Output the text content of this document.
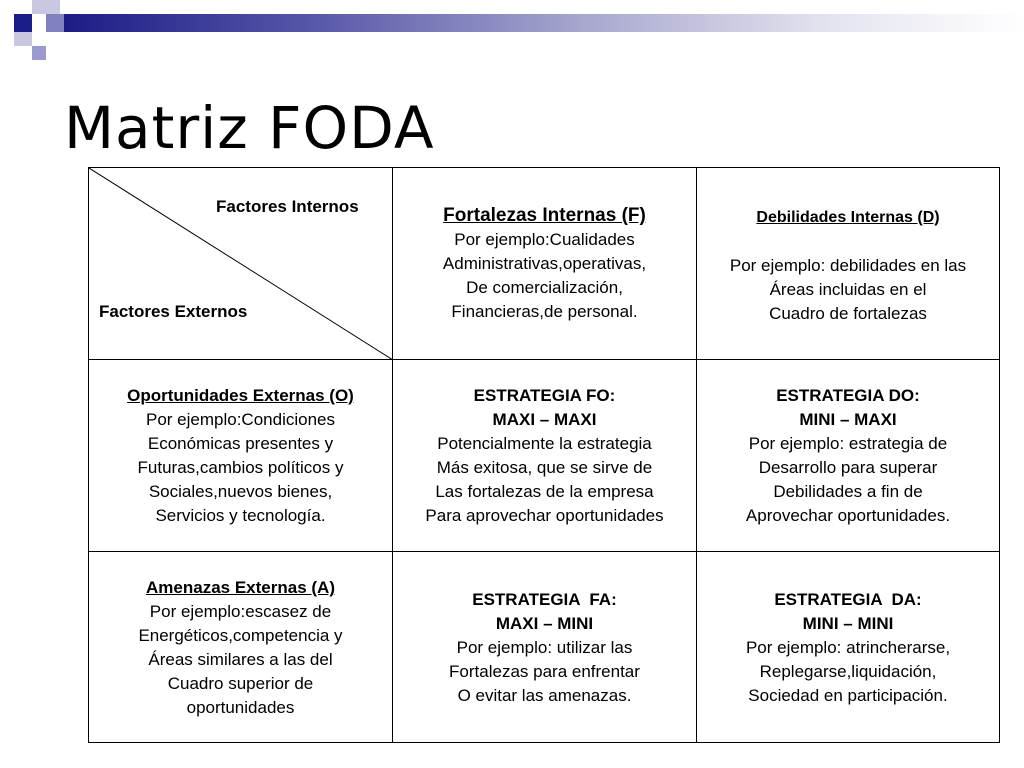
Matriz FODA
Factores Internos
Factores Externos
Fortalezas Internas (F)
Por ejemplo:Cualidades
Administrativas,operativas,
De comercialización,
Financieras,de personal.
Debilidades Internas (D)
Por ejemplo: debilidades en las
Áreas incluidas en el
Cuadro de fortalezas
Oportunidades Externas (O)
Por ejemplo:Condiciones
Económicas presentes y
Futuras,cambios políticos y
Sociales,nuevos bienes,
Servicios y tecnología.
ESTRATEGIA FO:
MAXI – MAXI
Potencialmente la estrategia
Más exitosa, que se sirve de
Las fortalezas de la empresa
Para aprovechar oportunidades
ESTRATEGIA DO:
MINI – MAXI
Por ejemplo: estrategia de
Desarrollo para superar
Debilidades a fin de
Aprovechar oportunidades.
Amenazas Externas (A)
Por ejemplo:escasez de
Energéticos,competencia y
Áreas similares a las del
Cuadro superior de
oportunidades
ESTRATEGIA  FA:
MAXI – MINI
Por ejemplo: utilizar las
Fortalezas para enfrentar
O evitar las amenazas.
ESTRATEGIA  DA:
MINI – MINI
Por ejemplo: atrincherarse,
Replegarse,liquidación,
Sociedad en participación.
